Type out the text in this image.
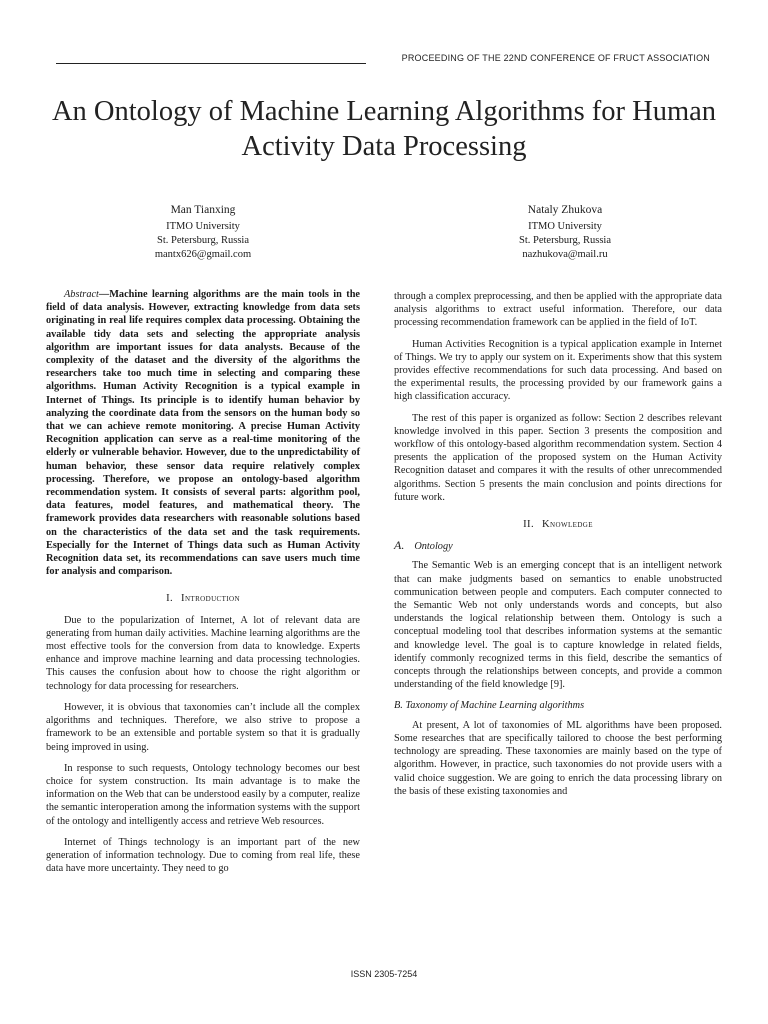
PROCEEDING OF THE 22ND CONFERENCE OF FRUCT ASSOCIATION
An Ontology of Machine Learning Algorithms for Human Activity Data Processing
Man Tianxing
ITMO University
St. Petersburg, Russia
mantx626@gmail.com
Nataly Zhukova
ITMO University
St. Petersburg, Russia
nazhukova@mail.ru

Abstract—Machine learning algorithms are the main tools in the field of data analysis. However, extracting knowledge from data sets originating in real life requires complex data processing. Obtaining the available tidy data sets and selecting the appropriate analysis algorithm are important issues for data analysts. Because of the complexity of the dataset and the diversity of the algorithms the researchers take too much time in selecting and comparing these algorithms. Human Activity Recognition is a typical example in Internet of Things. Its principle is to identify human behavior by analyzing the coordinate data from the sensors on the human body so that we can achieve remote monitoring. A precise Human Activity Recognition application can serve as a real-time monitoring of the elderly or vulnerable behavior. However, due to the unpredictability of human behavior, these sensor data require relatively complex processing. Therefore, we propose an ontology-based algorithm recommendation system. It consists of several parts: algorithm pool, data features, model features, and mathematical theory. The framework provides data researchers with reasonable solutions based on the characteristics of the data set and the task requirements. Especially for the Internet of Things data such as Human Activity Recognition data set, its recommendations can save users much time for analysis and comparison.

I. Introduction

Due to the popularization of Internet, A lot of relevant data are generating from human daily activities. Machine learning algorithms are the most effective tools for the conversion from data to knowledge. Experts enhance and improve machine learning and data processing technologies. This causes the confusion about how to choose the right algorithm or technology for data processing for researchers.

However, it is obvious that taxonomies can’t include all the complex algorithms and techniques. Therefore, we also strive to propose a framework to be an extensible and portable system so that it is gradually being improved in using.

In response to such requests, Ontology technology becomes our best choice for system construction. Its main advantage is to make the information on the Web that can be understood easily by a computer, realize the semantic interoperation among the information systems with the support of the ontology and intelligently access and retrieve Web resources.

Internet of Things technology is an important part of the new generation of information technology. Due to coming from real life, these data have more uncertainty. They need to go

through a complex preprocessing, and then be applied with the appropriate data analysis algorithms to extract useful information. Therefore, our data processing recommendation framework can be applied in the field of IoT.

Human Activities Recognition is a typical application example in Internet of Things. We try to apply our system on it. Experiments show that this system provides effective recommendations for such data processing. And based on the experimental results, the processing provided by our framework gains a high classification accuracy.

The rest of this paper is organized as follow: Section 2 describes relevant knowledge involved in this paper. Section 3 presents the composition and workflow of this ontology-based algorithm recommendation system. Section 4 presents the application of the proposed system on the Human Activity Recognition dataset and compares it with the results of other unrecommended algorithms. Section 5 presents the main conclusion and points directions for future work.

II. Knowledge
A. Ontology

The Semantic Web is an emerging concept that is an intelligent network that can make judgments based on semantics to enable unobstructed communication between people and computers. Each computer connected to the Semantic Web not only understands words and concepts, but also understands the logical relationship between them. Ontology is such a conceptual modeling tool that describes information systems at the semantic and knowledge level. The goal is to capture knowledge in related fields, identify commonly recognized terms in this field, describe the semantics of concepts through the relationships between concepts, and provide a common understanding of the field knowledge [9].

B. Taxonomy of Machine Learning algorithms

At present, A lot of taxonomies of ML algorithms have been proposed. Some researches that are specifically tailored to choose the best performing technology are spreading. These taxonomies are mainly based on the type of algorithm. However, in practice, such taxonomies do not provide users with a valid choice suggestion. We are going to enrich the data processing library on the basis of these existing taxonomies and

ISSN 2305-7254
